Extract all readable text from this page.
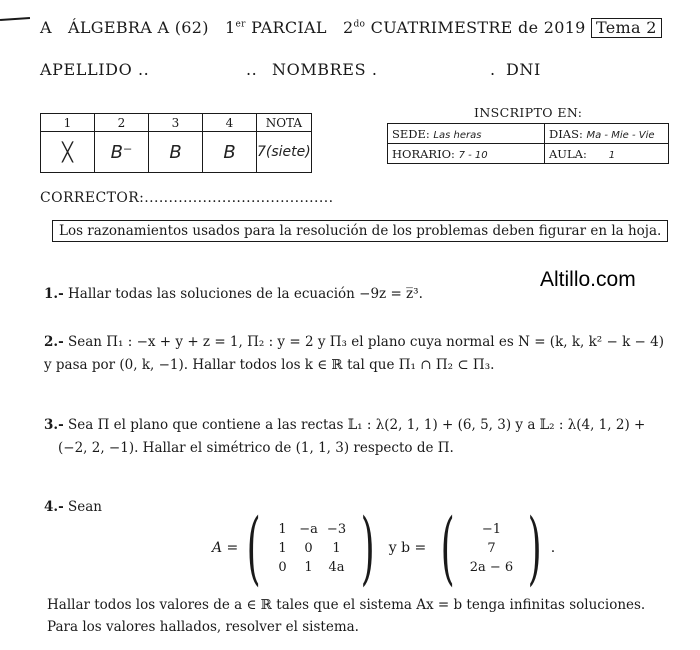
A ÁLGEBRA A (62) 1er PARCIAL $2^{do}$ CUATRIMESTRE de 2019 Tema 2
APELLIDO ..	.. NOMBRES .	. DNI
1	2	3	4	NOTA
╳	B⁻	B	B	7(siete)
INSCRIPTO EN:
SEDE: Las heras	DIAS: Ma - Mie - Vie
HORARIO: 7 - 10	AULA: 1
CORRECTOR:.......................................
Los razonamientos usados para la resolución de los problemas deben figurar en la hoja.
Altillo.com
1.- Hallar todas las soluciones de la ecuación −9z = z̅³.
2.- Sean Π₁ : −x + y + z = 1, Π₂ : y = 2 y Π₃ el plano cuya normal es N = (k, k, k² − k − 4)
y pasa por (0, k, −1). Hallar todos los k ∈ ℝ tal que Π₁ ∩ Π₂ ⊂ Π₃.
3.- Sea Π el plano que contiene a las rectas 𝕃₁ : λ(2, 1, 1) + (6, 5, 3) y a 𝕃₂ : λ(4, 1, 2) +
(−2, 2, −1). Hallar el simétrico de (1, 1, 3) respecto de Π.
4.- Sean
A = (	1 −a −3
1	0	1
0	1	4a ) y b = (	−1
7
2a − 6 ) .
Hallar todos los valores de a ∈ ℝ tales que el sistema Ax = b tenga infinitas soluciones.
Para los valores hallados, resolver el sistema.
